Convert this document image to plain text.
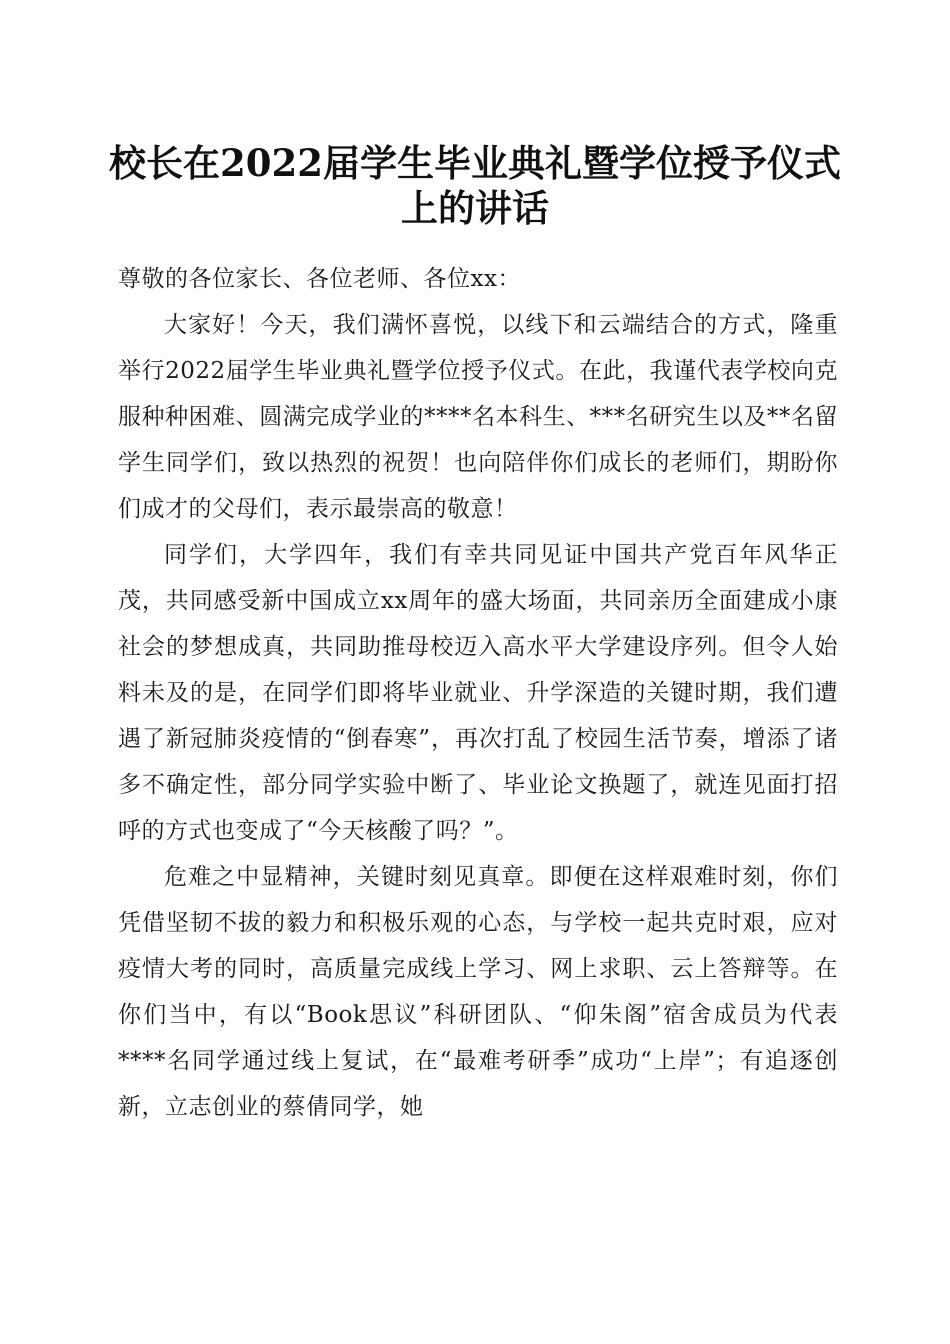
校长在2022届学生毕业典礼暨学位授予仪式
上的讲话

尊敬的各位家长、各位老师、各位xx：

大家好！今天，我们满怀喜悦，以线下和云端结合的方式，隆重举行2022届学生毕业典礼暨学位授予仪式。在此，我谨代表学校向克服种种困难、圆满完成学业的****名本科生、***名研究生以及**名留学生同学们，致以热烈的祝贺！也向陪伴你们成长的老师们，期盼你们成才的父母们，表示最崇高的敬意！

同学们，大学四年，我们有幸共同见证中国共产党百年风华正茂，共同感受新中国成立xx周年的盛大场面，共同亲历全面建成小康社会的梦想成真，共同助推母校迈入高水平大学建设序列。但令人始料未及的是，在同学们即将毕业就业、升学深造的关键时期，我们遭遇了新冠肺炎疫情的“倒春寒”，再次打乱了校园生活节奏，增添了诸多不确定性，部分同学实验中断了、毕业论文换题了，就连见面打招呼的方式也变成了“今天核酸了吗？”。

危难之中显精神，关键时刻见真章。即便在这样艰难时刻，你们凭借坚韧不拔的毅力和积极乐观的心态，与学校一起共克时艰，应对疫情大考的同时，高质量完成线上学习、网上求职、云上答辩等。在你们当中，有以“Book思议”科研团队、“仰朱阁”宿舍成员为代表****名同学通过线上复试，在“最难考研季”成功“上岸”；有追逐创新，立志创业的蔡倩同学，她
